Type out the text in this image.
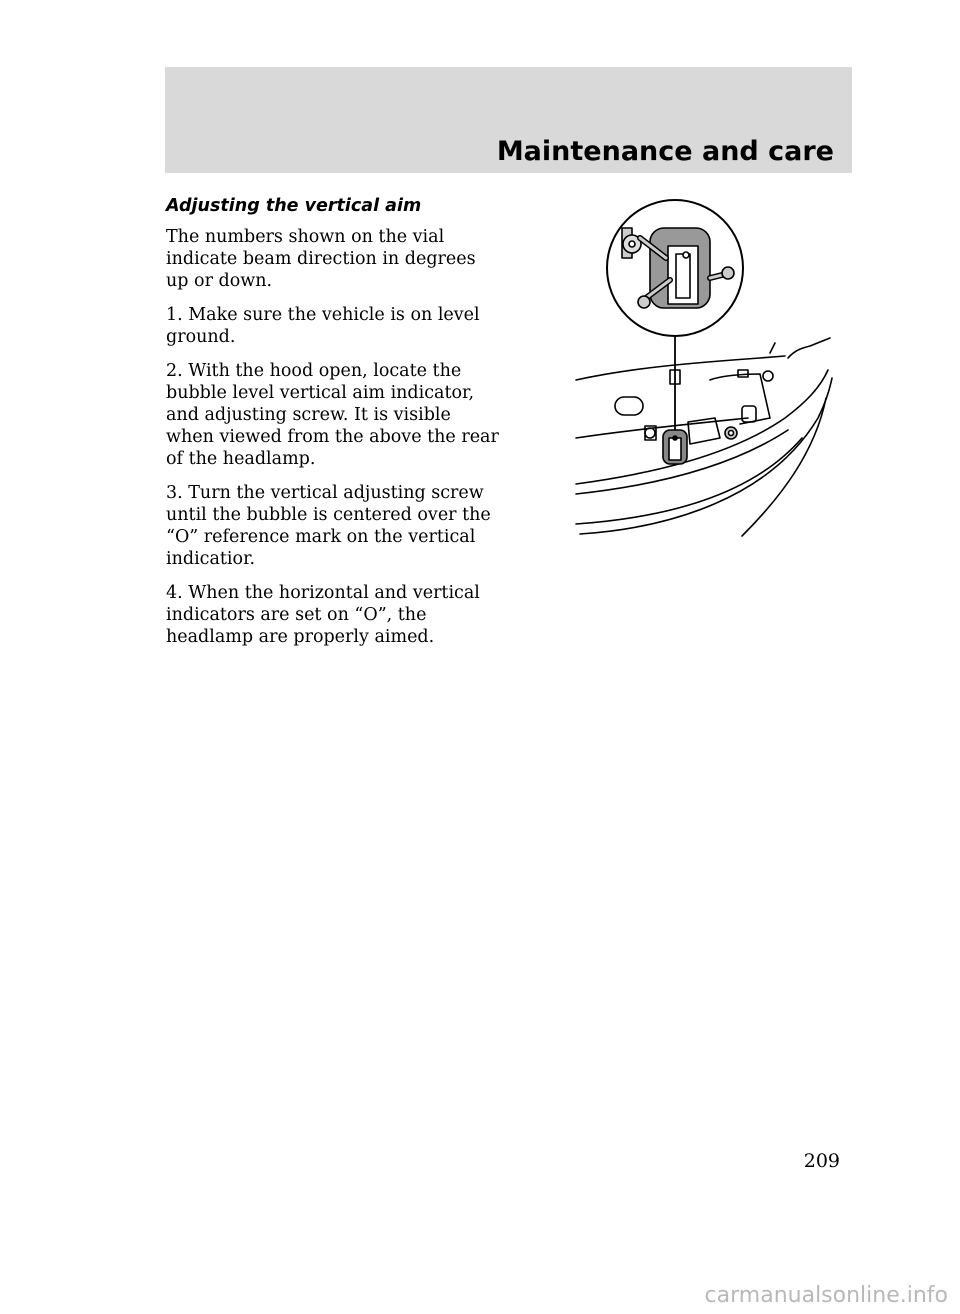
Maintenance and care
Adjusting the vertical aim

The numbers shown on the vial indicate beam direction in degrees up or down.

1. Make sure the vehicle is on level ground.

2. With the hood open, locate the bubble level vertical aim indicator, and adjusting screw. It is visible when viewed from the above the rear of the headlamp.

3. Turn the vertical adjusting screw until the bubble is centered over the “O” reference mark on the vertical indicatior.

4. When the horizontal and vertical indicators are set on “O”, the headlamp are properly aimed.

209
carmanualsonline.info
